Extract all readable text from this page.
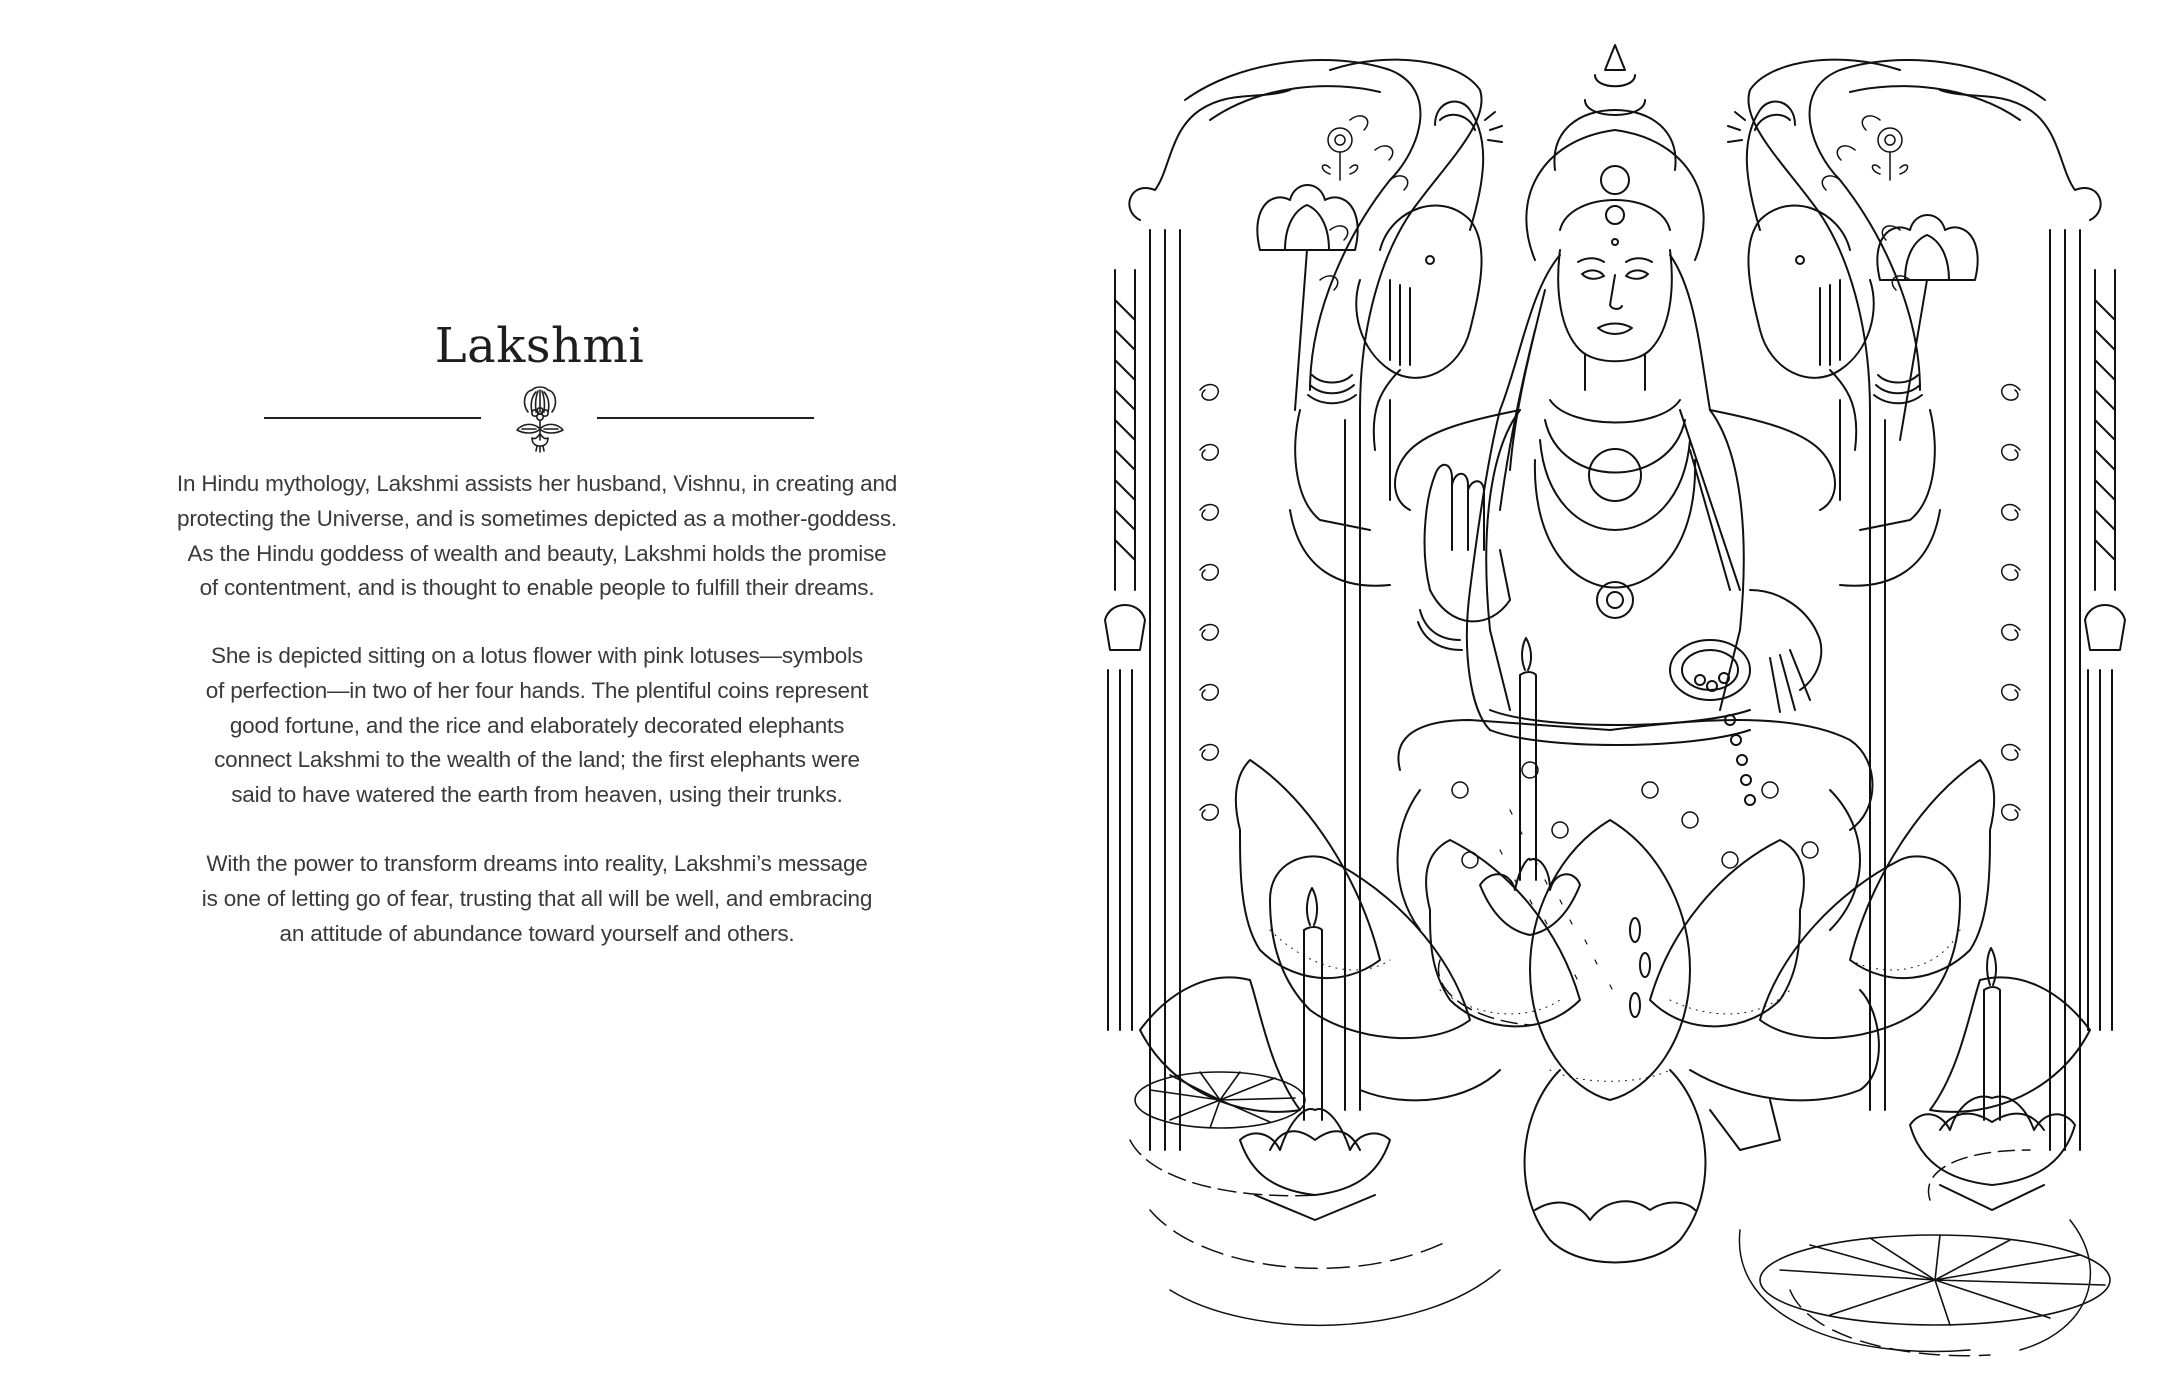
Lakshmi

In Hindu mythology, Lakshmi assists her husband, Vishnu, in creating and
protecting the Universe, and is sometimes depicted as a mother-goddess.
As the Hindu goddess of wealth and beauty, Lakshmi holds the promise
of contentment, and is thought to enable people to fulfill their dreams.

She is depicted sitting on a lotus flower with pink lotuses—symbols
of perfection—in two of her four hands. The plentiful coins represent
good fortune, and the rice and elaborately decorated elephants
connect Lakshmi to the wealth of the land; the first elephants were
said to have watered the earth from heaven, using their trunks.

With the power to transform dreams into reality, Lakshmi’s message
is one of letting go of fear, trusting that all will be well, and embracing
an attitude of abundance toward yourself and others.
